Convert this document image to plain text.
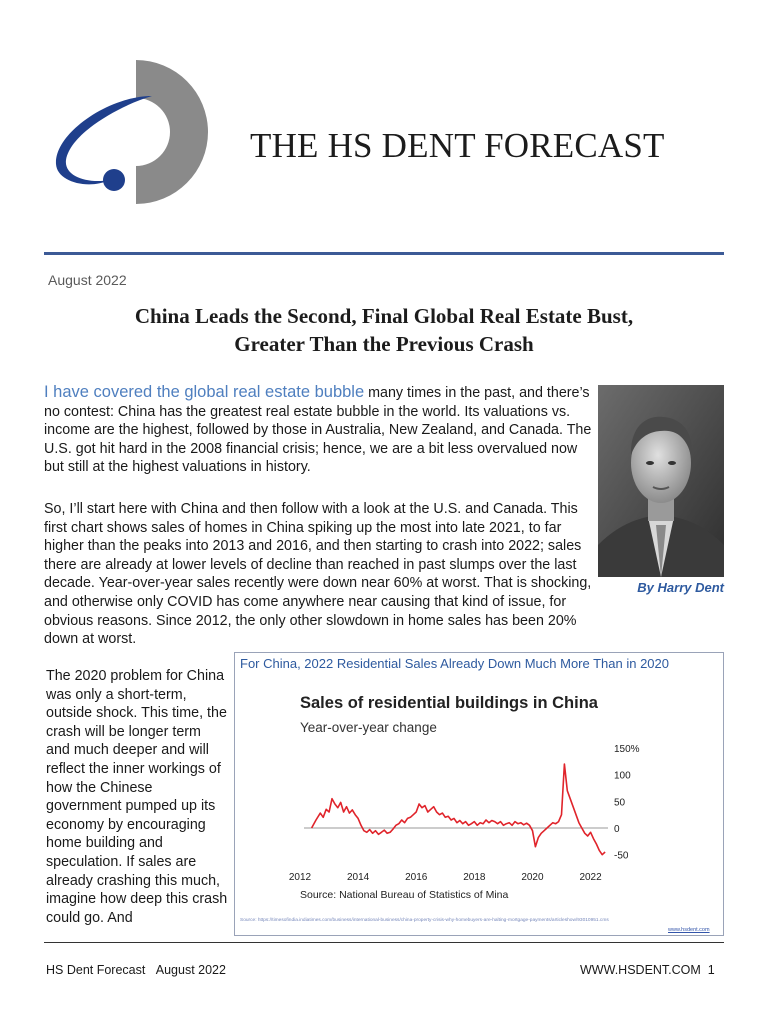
THE HS DENT FORECAST
August 2022
China Leads the Second, Final Global Real Estate Bust,
Greater Than the Previous Crash
I have covered the global real estate bubble many times in the past, and there’s no contest: China has the greatest real estate bubble in the world. Its valuations vs. income are the highest, followed by those in Australia, New Zealand, and Canada. The U.S. got hit hard in the 2008 financial crisis; hence, we are a bit less overvalued now but still at the highest valuations in history.
By Harry Dent
So, I’ll start here with China and then follow with a look at the U.S. and Canada. This first chart shows sales of homes in China spiking up the most into late 2021, to far higher than the peaks into 2013 and 2016, and then starting to crash into 2022; sales there are already at lower levels of decline than reached in past slumps over the last decade. Year-over-year sales recently were down near 60% at worst. That is shocking, and otherwise only COVID has come anywhere near causing that kind of issue, for obvious reasons. Since 2012, the only other slowdown in home sales has been 20% down at worst.
The 2020 problem for China was only a short-term, outside shock. This time, the crash will be longer term and much deeper and will reflect the inner workings of how the Chinese government pumped up its economy by encouraging home building and speculation. If sales are already crashing this much, imagine how deep this crash could go. And
For China, 2022 Residential Sales Already Down Much More Than in 2020
Sales of residential buildings in China
Year-over-year change
150%
100
50
0
-50
2012	2014	2016	2018	2020	2022
Source: National Bureau of Statistics of Mina
Source: https://timesofindia.indiatimes.com/business/international-business/china-property-crisis-why-homebuyers-are-halting-mortgage-payments/articleshow/93010951.cms
www.hsdent.com
HS Dent Forecast August 2022	WWW.HSDENT.COM 1
